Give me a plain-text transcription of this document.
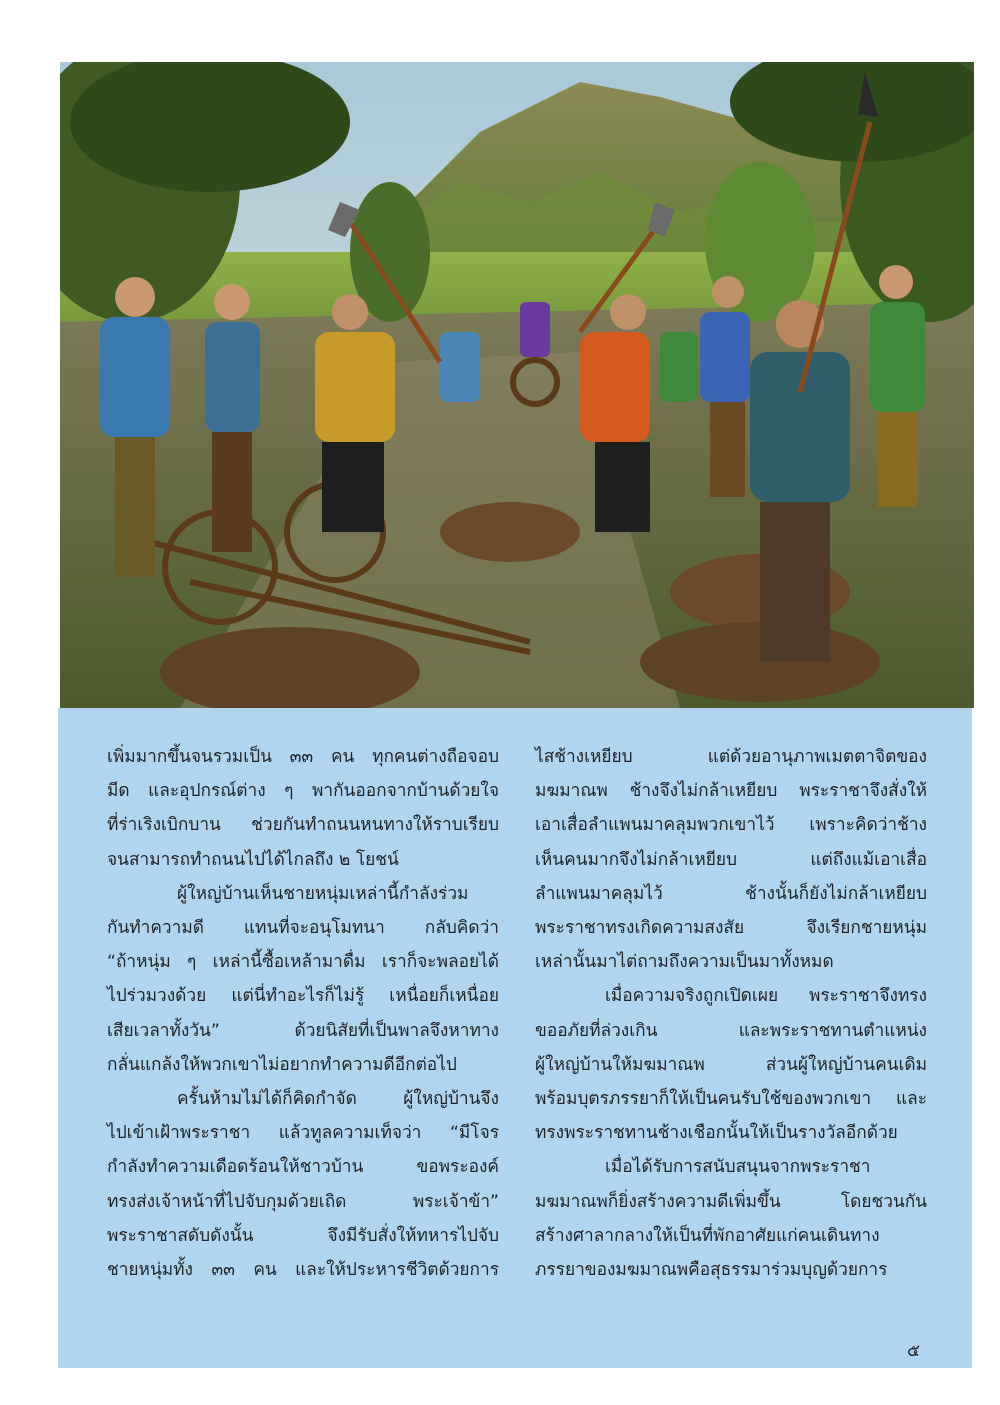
เพิ่มมากขึ้นจนรวมเป็น ๓๓ คน ทุกคนต่างถือจอบ

มีด และอุปกรณ์ต่าง ๆ พากันออกจากบ้านด้วยใจ

ที่ร่าเริงเบิกบาน ช่วยกันทำถนนหนทางให้ราบเรียบ

จนสามารถทำถนนไปได้ไกลถึง ๒ โยชน์

ผู้ใหญ่บ้านเห็นชายหนุ่มเหล่านี้กำลังร่วม

กันทำความดี แทนที่จะอนุโมทนา กลับคิดว่า

“ถ้าหนุ่ม ๆ เหล่านี้ซื้อเหล้ามาดื่ม เราก็จะพลอยได้

ไปร่วมวงด้วย แต่นี่ทำอะไรก็ไม่รู้ เหนื่อยก็เหนื่อย

เสียเวลาทั้งวัน” ด้วยนิสัยที่เป็นพาลจึงหาทาง

กลั่นแกล้งให้พวกเขาไม่อยากทำความดีอีกต่อไป

ครั้นห้ามไม่ได้ก็คิดกำจัด ผู้ใหญ่บ้านจึง

ไปเข้าเฝ้าพระราชา แล้วทูลความเท็จว่า “มีโจร

กำลังทำความเดือดร้อนให้ชาวบ้าน ขอพระองค์

ทรงส่งเจ้าหน้าที่ไปจับกุมด้วยเถิด พระเจ้าข้า”

พระราชาสดับดังนั้น จึงมีรับสั่งให้ทหารไปจับ

ชายหนุ่มทั้ง ๓๓ คน และให้ประหารชีวิตด้วยการ

ไสช้างเหยียบ แต่ด้วยอานุภาพเมตตาจิตของ

มฆมาณพ ช้างจึงไม่กล้าเหยียบ พระราชาจึงสั่งให้

เอาเสื่อลำแพนมาคลุมพวกเขาไว้ เพราะคิดว่าช้าง

เห็นคนมากจึงไม่กล้าเหยียบ แต่ถึงแม้เอาเสื่อ

ลำแพนมาคลุมไว้ ช้างนั้นก็ยังไม่กล้าเหยียบ

พระราชาทรงเกิดความสงสัย จึงเรียกชายหนุ่ม

เหล่านั้นมาไต่ถามถึงความเป็นมาทั้งหมด

เมื่อความจริงถูกเปิดเผย พระราชาจึงทรง

ขออภัยที่ล่วงเกิน และพระราชทานตำแหน่ง

ผู้ใหญ่บ้านให้มฆมาณพ ส่วนผู้ใหญ่บ้านคนเดิม

พร้อมบุตรภรรยาก็ให้เป็นคนรับใช้ของพวกเขา และ

ทรงพระราชทานช้างเชือกนั้นให้เป็นรางวัลอีกด้วย

เมื่อได้รับการสนับสนุนจากพระราชา

มฆมาณพก็ยิ่งสร้างความดีเพิ่มขึ้น โดยชวนกัน

สร้างศาลากลางให้เป็นที่พักอาศัยแก่คนเดินทาง

ภรรยาของมฆมาณพคือสุธรรมาร่วมบุญด้วยการ

๕
